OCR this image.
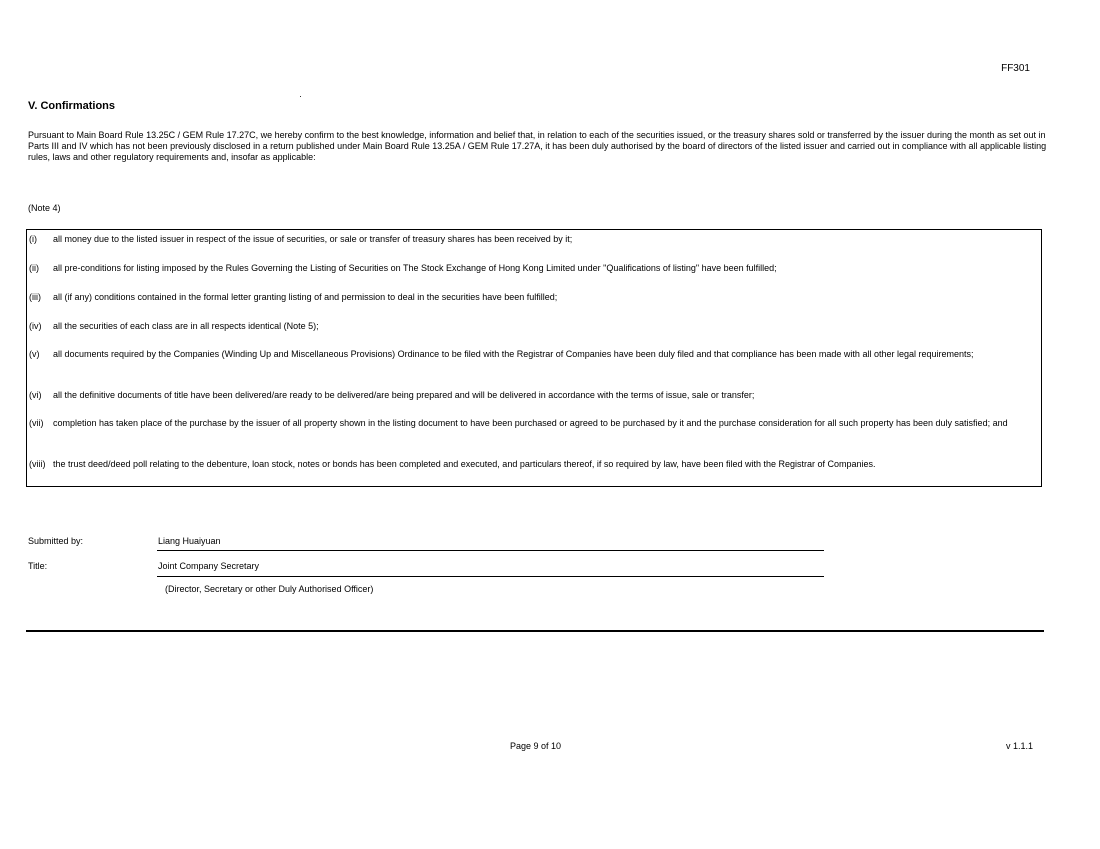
FF301
V. Confirmations
Pursuant to Main Board Rule 13.25C / GEM Rule 17.27C, we hereby confirm to the best knowledge, information and belief that, in relation to each of the securities issued, or the treasury shares sold or transferred by the issuer during the month as set out in Parts III and IV which has not been previously disclosed in a return published under Main Board Rule 13.25A / GEM Rule 17.27A, it has been duly authorised by the board of directors of the listed issuer and carried out in compliance with all applicable listing rules, laws and other regulatory requirements and, insofar as applicable:
(Note 4)
(i) all money due to the listed issuer in respect of the issue of securities, or sale or transfer of treasury shares has been received by it;
(ii) all pre-conditions for listing imposed by the Rules Governing the Listing of Securities on The Stock Exchange of Hong Kong Limited under "Qualifications of listing" have been fulfilled;
(iii) all (if any) conditions contained in the formal letter granting listing of and permission to deal in the securities have been fulfilled;
(iv) all the securities of each class are in all respects identical (Note 5);
(v) all documents required by the Companies (Winding Up and Miscellaneous Provisions) Ordinance to be filed with the Registrar of Companies have been duly filed and that compliance has been made with all other legal requirements;
(vi) all the definitive documents of title have been delivered/are ready to be delivered/are being prepared and will be delivered in accordance with the terms of issue, sale or transfer;
(vii) completion has taken place of the purchase by the issuer of all property shown in the listing document to have been purchased or agreed to be purchased by it and the purchase consideration for all such property has been duly satisfied; and
(viii) the trust deed/deed poll relating to the debenture, loan stock, notes or bonds has been completed and executed, and particulars thereof, if so required by law, have been filed with the Registrar of Companies.
Submitted by:	Liang Huaiyuan
Title:	Joint Company Secretary
(Director, Secretary or other Duly Authorised Officer)
Page 9 of 10	v 1.1.1
